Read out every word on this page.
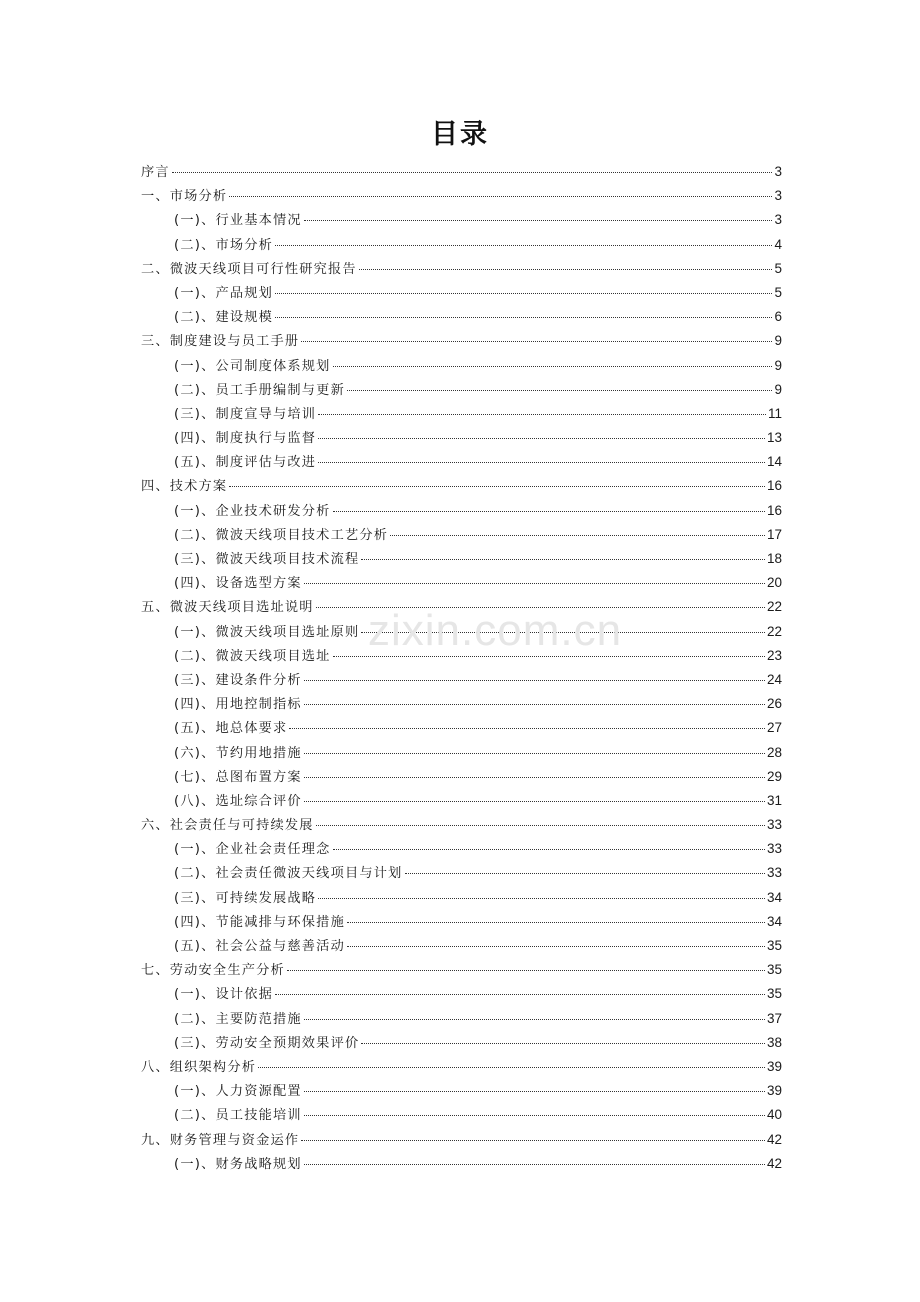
目录
序言	3
一、市场分析	3
(一)、行业基本情况	3
(二)、市场分析	4
二、微波天线项目可行性研究报告	5
(一)、产品规划	5
(二)、建设规模	6
三、制度建设与员工手册	9
(一)、公司制度体系规划	9
(二)、员工手册编制与更新	9
(三)、制度宣导与培训	11
(四)、制度执行与监督	13
(五)、制度评估与改进	14
四、技术方案	16
(一)、企业技术研发分析	16
(二)、微波天线项目技术工艺分析	17
(三)、微波天线项目技术流程	18
(四)、设备选型方案	20
五、微波天线项目选址说明	22
(一)、微波天线项目选址原则	22
(二)、微波天线项目选址	23
(三)、建设条件分析	24
(四)、用地控制指标	26
(五)、地总体要求	27
(六)、节约用地措施	28
(七)、总图布置方案	29
(八)、选址综合评价	31
六、社会责任与可持续发展	33
(一)、企业社会责任理念	33
(二)、社会责任微波天线项目与计划	33
(三)、可持续发展战略	34
(四)、节能减排与环保措施	34
(五)、社会公益与慈善活动	35
七、劳动安全生产分析	35
(一)、设计依据	35
(二)、主要防范措施	37
(三)、劳动安全预期效果评价	38
八、组织架构分析	39
(一)、人力资源配置	39
(二)、员工技能培训	40
九、财务管理与资金运作	42
(一)、财务战略规划	42
zixin.com.cn
